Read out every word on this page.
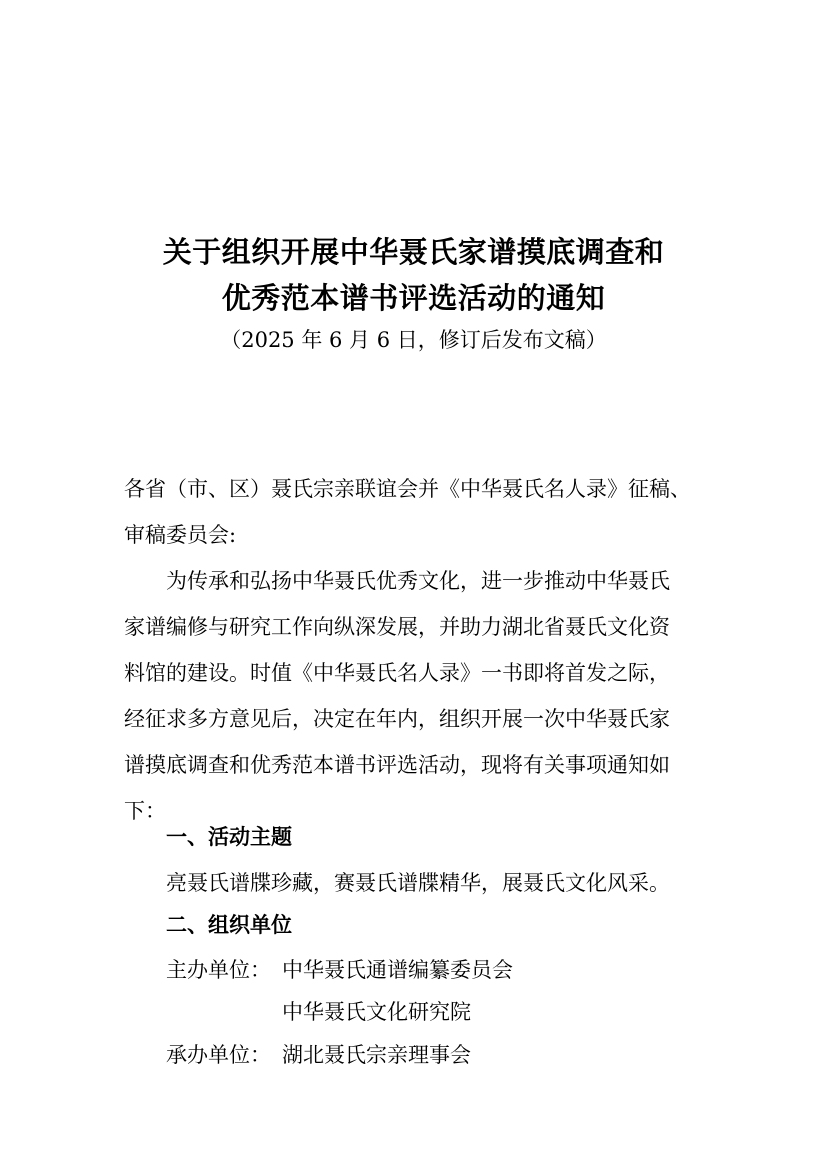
关于组织开展中华聂氏家谱摸底调查和
优秀范本谱书评选活动的通知
（2025 年 6 月 6 日，修订后发布文稿）
各省（市、区）聂氏宗亲联谊会并《中华聂氏名人录》征稿、
审稿委员会:
为传承和弘扬中华聂氏优秀文化，进一步推动中华聂氏
家谱编修与研究工作向纵深发展，并助力湖北省聂氏文化资
料馆的建设。时值《中华聂氏名人录》一书即将首发之际，
经征求多方意见后，决定在年内，组织开展一次中华聂氏家
谱摸底调查和优秀范本谱书评选活动，现将有关事项通知如
下：
一、活动主题
亮聂氏谱牒珍藏，赛聂氏谱牒精华，展聂氏文化风采。
二、组织单位
主办单位： 中华聂氏通谱编纂委员会
中华聂氏文化研究院
承办单位： 湖北聂氏宗亲理事会
